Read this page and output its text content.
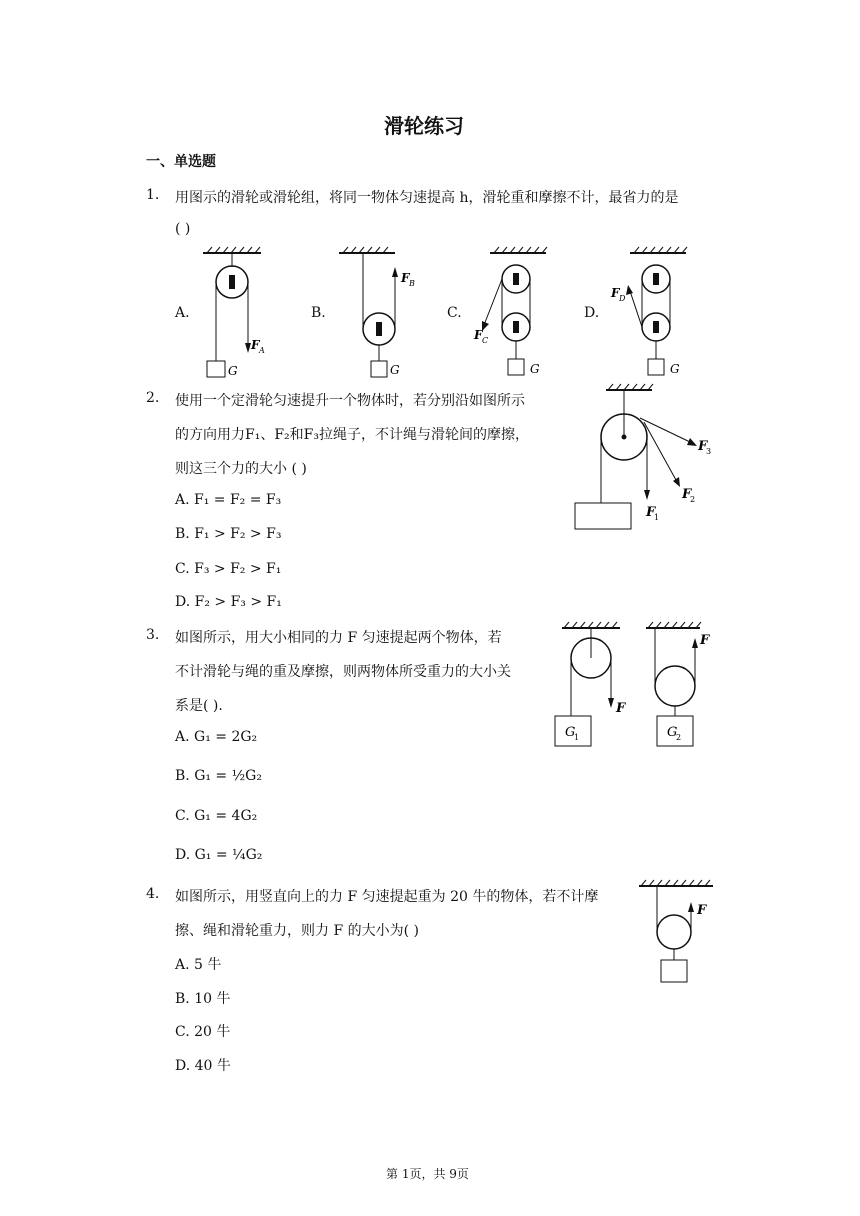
滑轮练习
一、单选题
1. 用图示的滑轮或滑轮组，将同一物体匀速提高 h，滑轮重和摩擦不计，最省力的是
( )
A.	B.	C.	D.
G
F A
G
F B
G
F C
G
F D
2. 使用一个定滑轮匀速提升一个物体时，若分别沿如图所示
的方向用力F₁、F₂和F₃拉绳子，不计绳与滑轮间的摩擦，
则这三个力的大小 ( )
A. F₁ = F₂ = F₃
B. F₁ > F₂ > F₃
C. F₃ > F₂ > F₁
D. F₂ > F₃ > F₁
F
1
F
2
F
3
3. 如图所示，用大小相同的力 F 匀速提起两个物体，若
不计滑轮与绳的重及摩擦，则两物体所受重力的大小关
系是( ).
A. G₁ = 2G₂
B. G₁ = ½G₂
C. G₁ = 4G₂
D. G₁ = ¼G₂
F
G
1
F
G
2
4. 如图所示，用竖直向上的力 F 匀速提起重为 20 牛的物体，若不计摩
擦、绳和滑轮重力，则力 F 的大小为( )
A. 5 牛
B. 10 牛
C. 20 牛
D. 40 牛
F
第 1页，共 9页
